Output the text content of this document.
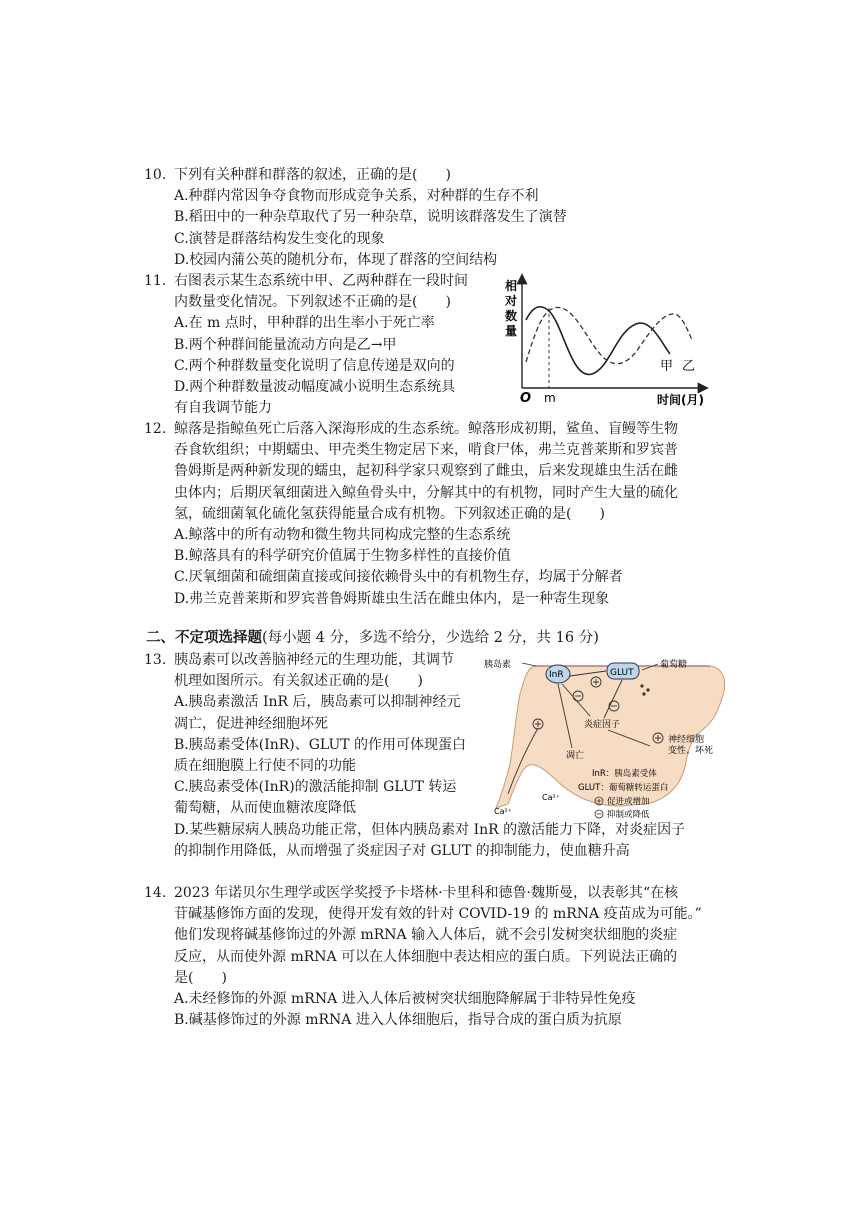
10. 下列有关种群和群落的叙述，正确的是(　　)
A.种群内常因争夺食物而形成竞争关系，对种群的生存不利
B.稻田中的一种杂草取代了另一种杂草，说明该群落发生了演替
C.演替是群落结构发生变化的现象
D.校园内蒲公英的随机分布，体现了群落的空间结构
11. 右图表示某生态系统中甲、乙两种群在一段时间
内数量变化情况。下列叙述不正确的是(　　)
A.在 m 点时，甲种群的出生率小于死亡率
B.两个种群间能量流动方向是乙→甲
C.两个种群数量变化说明了信息传递是双向的
D.两个种群数量波动幅度减小说明生态系统具
有自我调节能力
相
对
数
量
O m	时间(月)
甲 乙
12. 鲸落是指鲸鱼死亡后落入深海形成的生态系统。鲸落形成初期，鲨鱼、盲鳗等生物
吞食软组织；中期蠕虫、甲壳类生物定居下来，啃食尸体，弗兰克普莱斯和罗宾普
鲁姆斯是两种新发现的蠕虫，起初科学家只观察到了雌虫，后来发现雄虫生活在雌
虫体内；后期厌氧细菌进入鲸鱼骨头中，分解其中的有机物，同时产生大量的硫化
氢，硫细菌氧化硫化氢获得能量合成有机物。下列叙述正确的是(　　)
A.鲸落中的所有动物和微生物共同构成完整的生态系统
B.鲸落具有的科学研究价值属于生物多样性的直接价值
C.厌氧细菌和硫细菌直接或间接依赖骨头中的有机物生存，均属于分解者
D.弗兰克普莱斯和罗宾普鲁姆斯雄虫生活在雌虫体内，是一种寄生现象
二、不定项选择题(每小题 4 分，多选不给分，少选给 2 分，共 16 分)
13. 胰岛素可以改善脑神经元的生理功能，其调节
机理如图所示。有关叙述正确的是(　　)
A.胰岛素激活 InR 后，胰岛素可以抑制神经元
凋亡，促进神经细胞坏死
B.胰岛素受体(InR)、GLUT 的作用可体现蛋白
质在细胞膜上行使不同的功能
C.胰岛素受体(InR)的激活能抑制 GLUT 转运
葡萄糖，从而使血糖浓度降低
D.某些糖尿病人胰岛功能正常，但体内胰岛素对 InR 的激活能力下降，对炎症因子
的抑制作用降低，从而增强了炎症因子对 GLUT 的抑制能力，使血糖升高
胰岛素
InR	GLUT
葡萄糖
炎症因子
凋亡
神经细胞
变性、坏死
Ca²⁺
Ca²⁺
InR：胰岛素受体
GLUT：葡萄糖转运蛋白
促进或增加
抑制或降低
14. 2023 年诺贝尔生理学或医学奖授予卡塔林·卡里科和德鲁·魏斯曼，以表彰其“在核
苷碱基修饰方面的发现，使得开发有效的针对 COVID-19 的 mRNA 疫苗成为可能。”
他们发现将碱基修饰过的外源 mRNA 输入人体后，就不会引发树突状细胞的炎症
反应，从而使外源 mRNA 可以在人体细胞中表达相应的蛋白质。下列说法正确的
是(　　)
A.未经修饰的外源 mRNA 进入人体后被树突状细胞降解属于非特异性免疫
B.碱基修饰过的外源 mRNA 进入人体细胞后，指导合成的蛋白质为抗原
